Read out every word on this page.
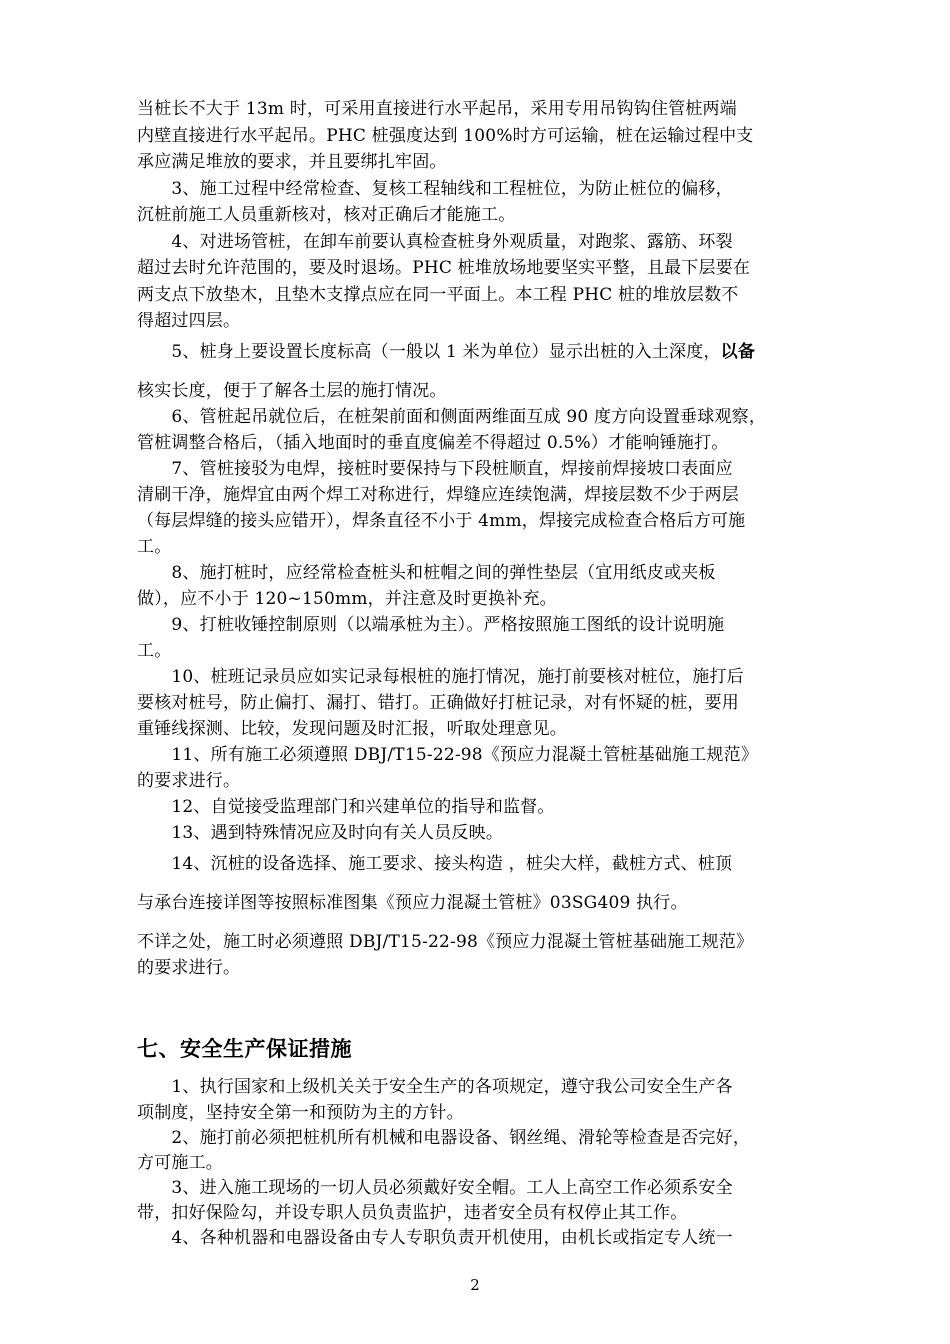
当桩长不大于 13m 时，可采用直接进行水平起吊，采用专用吊钩钩住管桩两端
内壁直接进行水平起吊。PHC 桩强度达到 100%时方可运输，桩在运输过程中支
承应满足堆放的要求，并且要绑扎牢固。
　　3、施工过程中经常检查、复核工程轴线和工程桩位，为防止桩位的偏移，
沉桩前施工人员重新核对，核对正确后才能施工。
　　4、对进场管桩，在卸车前要认真检查桩身外观质量，对跑浆、露筋、环裂
超过去时允许范围的，要及时退场。PHC 桩堆放场地要坚实平整，且最下层要在
两支点下放垫木，且垫木支撑点应在同一平面上。本工程 PHC 桩的堆放层数不
得超过四层。
　　5、桩身上要设置长度标高（一般以 1 米为单位）显示出桩的入土深度，以备
核实长度，便于了解各土层的施打情况。
　　6、管桩起吊就位后，在桩架前面和侧面两维面互成 90 度方向设置垂球观察，
管桩调整合格后，（插入地面时的垂直度偏差不得超过 0.5%）才能响锤施打。
　　7、管桩接驳为电焊，接桩时要保持与下段桩顺直，焊接前焊接坡口表面应
清刷干净，施焊宜由两个焊工对称进行，焊缝应连续饱满，焊接层数不少于两层
（每层焊缝的接头应错开），焊条直径不小于 4mm，焊接完成检查合格后方可施
工。
　　8、施打桩时，应经常检查桩头和桩帽之间的弹性垫层（宜用纸皮或夹板
做），应不小于 120~150mm，并注意及时更换补充。
　　9、打桩收锤控制原则（以端承桩为主）。严格按照施工图纸的设计说明施
工。
　　10、桩班记录员应如实记录每根桩的施打情况，施打前要核对桩位，施打后
要核对桩号，防止偏打、漏打、错打。正确做好打桩记录，对有怀疑的桩，要用
重锤线探测、比较，发现问题及时汇报，听取处理意见。
　　11、所有施工必须遵照 DBJ/T15-22-98《预应力混凝土管桩基础施工规范》
的要求进行。
　　12、自觉接受监理部门和兴建单位的指导和监督。
　　13、遇到特殊情况应及时向有关人员反映。
　　14、沉桩的设备选择、施工要求、接头构造 ，桩尖大样，截桩方式、桩顶
与承台连接详图等按照标准图集《预应力混凝土管桩》03SG409 执行。
不详之处，施工时必须遵照 DBJ/T15-22-98《预应力混凝土管桩基础施工规范》
的要求进行。
七、安全生产保证措施
　　1、执行国家和上级机关关于安全生产的各项规定，遵守我公司安全生产各
项制度，坚持安全第一和预防为主的方针。
　　2、施打前必须把桩机所有机械和电器设备、钢丝绳、滑轮等检查是否完好，
方可施工。
　　3、进入施工现场的一切人员必须戴好安全帽。工人上高空工作必须系安全
带，扣好保险勾，并设专职人员负责监护，违者安全员有权停止其工作。
　　4、各种机器和电器设备由专人专职负责开机使用，由机长或指定专人统一
2
